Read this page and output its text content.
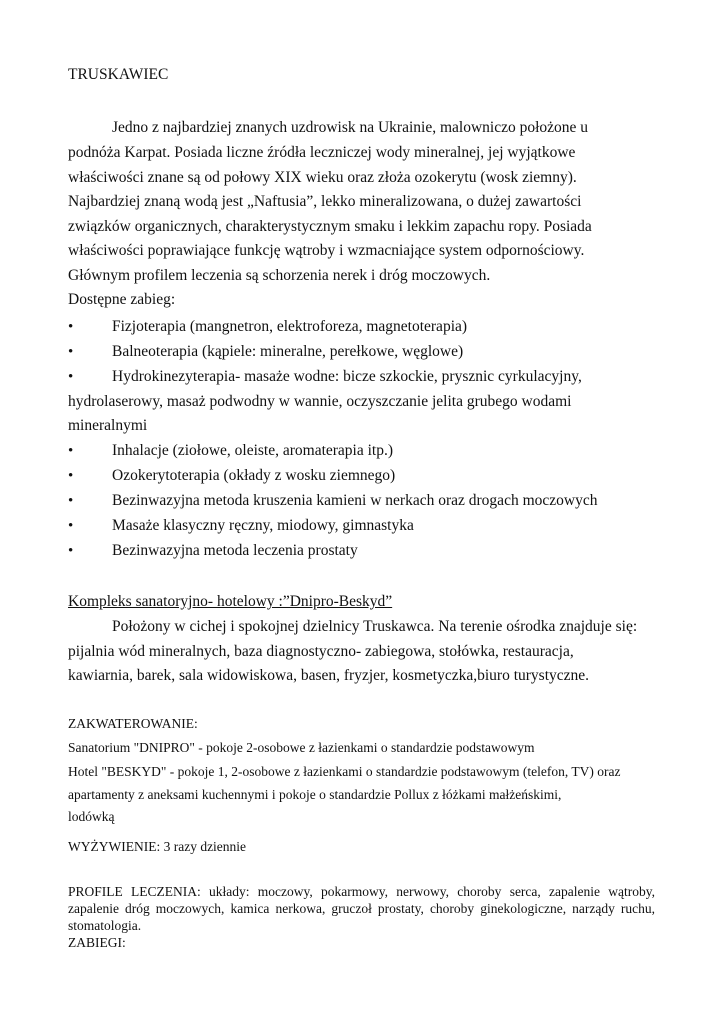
TRUSKAWIEC
Jedno z najbardziej znanych uzdrowisk na Ukrainie, malowniczo położone u
podnóża Karpat. Posiada liczne źródła leczniczej wody mineralnej, jej wyjątkowe
właściwości znane są od połowy XIX wieku oraz złoża ozokerytu (wosk ziemny).
Najbardziej znaną wodą jest „Naftusia”, lekko mineralizowana, o dużej zawartości
związków organicznych, charakterystycznym smaku i lekkim zapachu ropy. Posiada
właściwości poprawiające funkcję wątroby i wzmacniające system odpornościowy.
Głównym profilem leczenia są schorzenia nerek i dróg moczowych.
Dostępne zabieg:
• Fizjoterapia (mangnetron, elektroforeza, magnetoterapia)
• Balneoterapia (kąpiele: mineralne, perełkowe, węglowe)
• Hydrokinezyterapia- masaże wodne: bicze szkockie, prysznic cyrkulacyjny,
hydrolaserowy, masaż podwodny w wannie, oczyszczanie jelita grubego wodami
mineralnymi
• Inhalacje (ziołowe, oleiste, aromaterapia itp.)
• Ozokerytoterapia (okłady z wosku ziemnego)
• Bezinwazyjna metoda kruszenia kamieni w nerkach oraz drogach moczowych
• Masaże klasyczny ręczny, miodowy, gimnastyka
• Bezinwazyjna metoda leczenia prostaty
Kompleks sanatoryjno- hotelowy :”Dnipro-Beskyd”
Położony w cichej i spokojnej dzielnicy Truskawca. Na terenie ośrodka znajduje się:
pijalnia wód mineralnych, baza diagnostyczno- zabiegowa, stołówka, restauracja,
kawiarnia, barek, sala widowiskowa, basen, fryzjer, kosmetyczka,biuro turystyczne.
ZAKWATEROWANIE:
Sanatorium "DNIPRO" - pokoje 2-osobowe z łazienkami o standardzie podstawowym
Hotel "BESKYD" - pokoje 1, 2-osobowe z łazienkami o standardzie podstawowym (telefon, TV) oraz
apartamenty z aneksami kuchennymi i pokoje o standardzie Pollux z łóżkami małżeńskimi,
lodówką
WYŻYWIENIE: 3 razy dziennie
PROFILE LECZENIA: układy: moczowy, pokarmowy, nerwowy, choroby serca, zapalenie wątroby, zapalenie dróg moczowych, kamica nerkowa, gruczoł prostaty, choroby ginekologiczne, narządy ruchu, stomatologia.
ZABIEGI:
